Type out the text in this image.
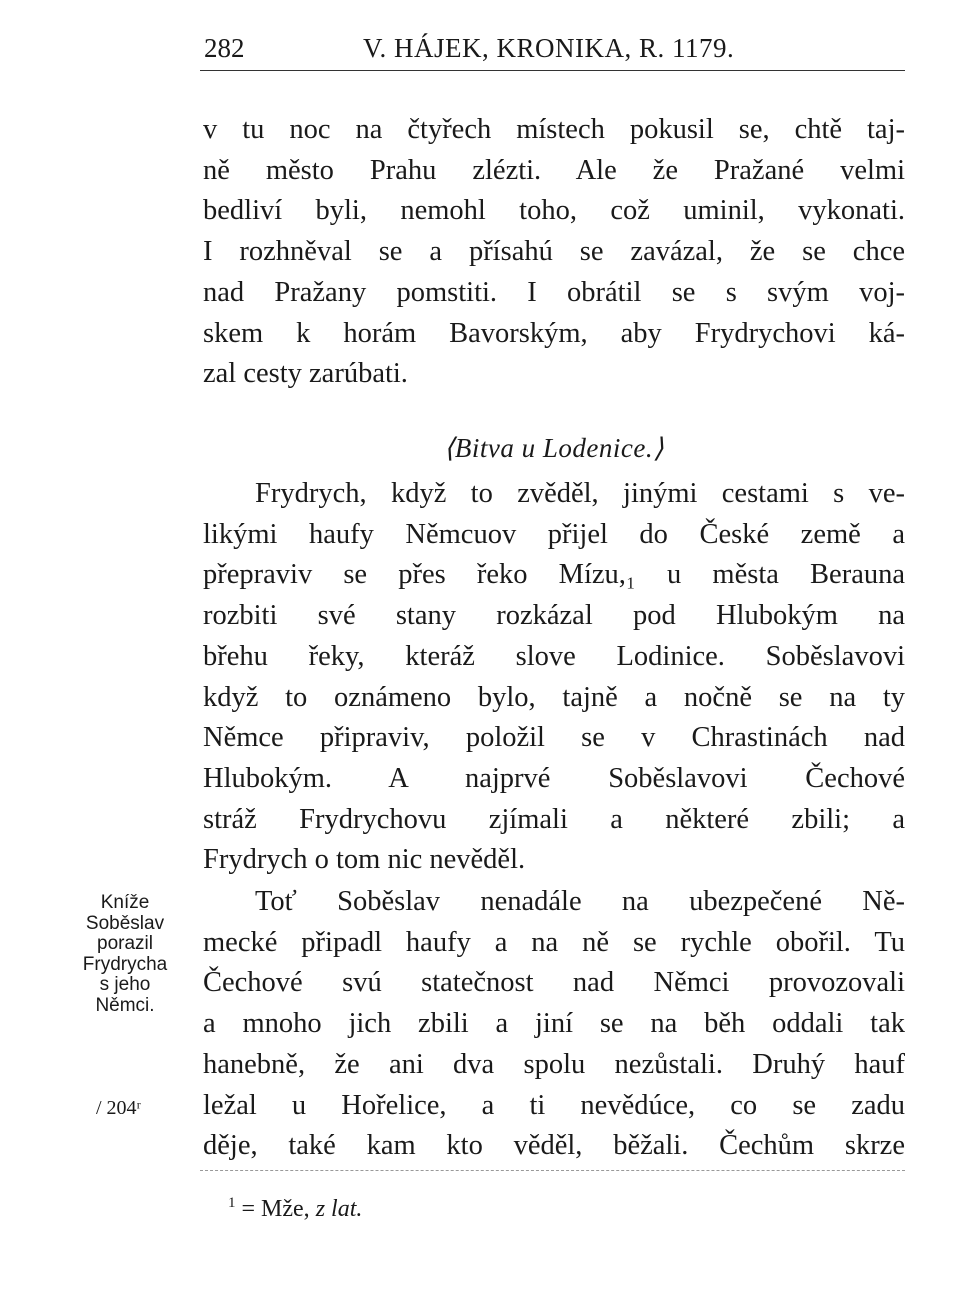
282	V. HÁJEK, KRONIKA, R. 1179.
v tu noc na čtyřech místech pokusil se, chtě taj-
ně město Prahu zlézti. Ale že Pražané velmi
bedliví byli, nemohl toho, což uminil, vykonati.
I rozhněval se a přísahú se zavázal, že se chce
nad Pražany pomstiti. I obrátil se s svým voj-
skem k horám Bavorským, aby Frydrychovi ká-
zal cesty zarúbati.
⟨Bitva u Lodenice.⟩
Frydrych, když to zvěděl, jinými cestami s ve-
likými haufy Němcuov přijel do České země a
přepraviv se přes řeko Mízu,₁ u města Berauna
rozbiti své stany rozkázal pod Hlubokým na
břehu řeky, kteráž slove Lodinice. Soběslavovi
když to oznámeno bylo, tajně a nočně se na ty
Němce připraviv, položil se v Chrastinách nad
Hlubokým. A najprvé Soběslavovi Čechové
stráž Frydrychovu zjímali a některé zbili; a
Frydrych o tom nic nevěděl.
Toť Soběslav nenadále na ubezpečené Ně-
mecké připadl haufy a na ně se rychle obořil. Tu
Čechové svú statečnost nad Němci provozovali
a mnoho jich zbili a jiní se na běh oddali tak
hanebně, že ani dva spolu nezůstali. Druhý hauf
ležal u Hořelice, a ti nevědúce, co se zadu
děje, také kam kto věděl, běžali. Čechům skrze
Kníže
Soběslav
porazil
Frydrycha
s jeho
Němci.
/ 204ʳ
$^1$ = Mže, z lat.
